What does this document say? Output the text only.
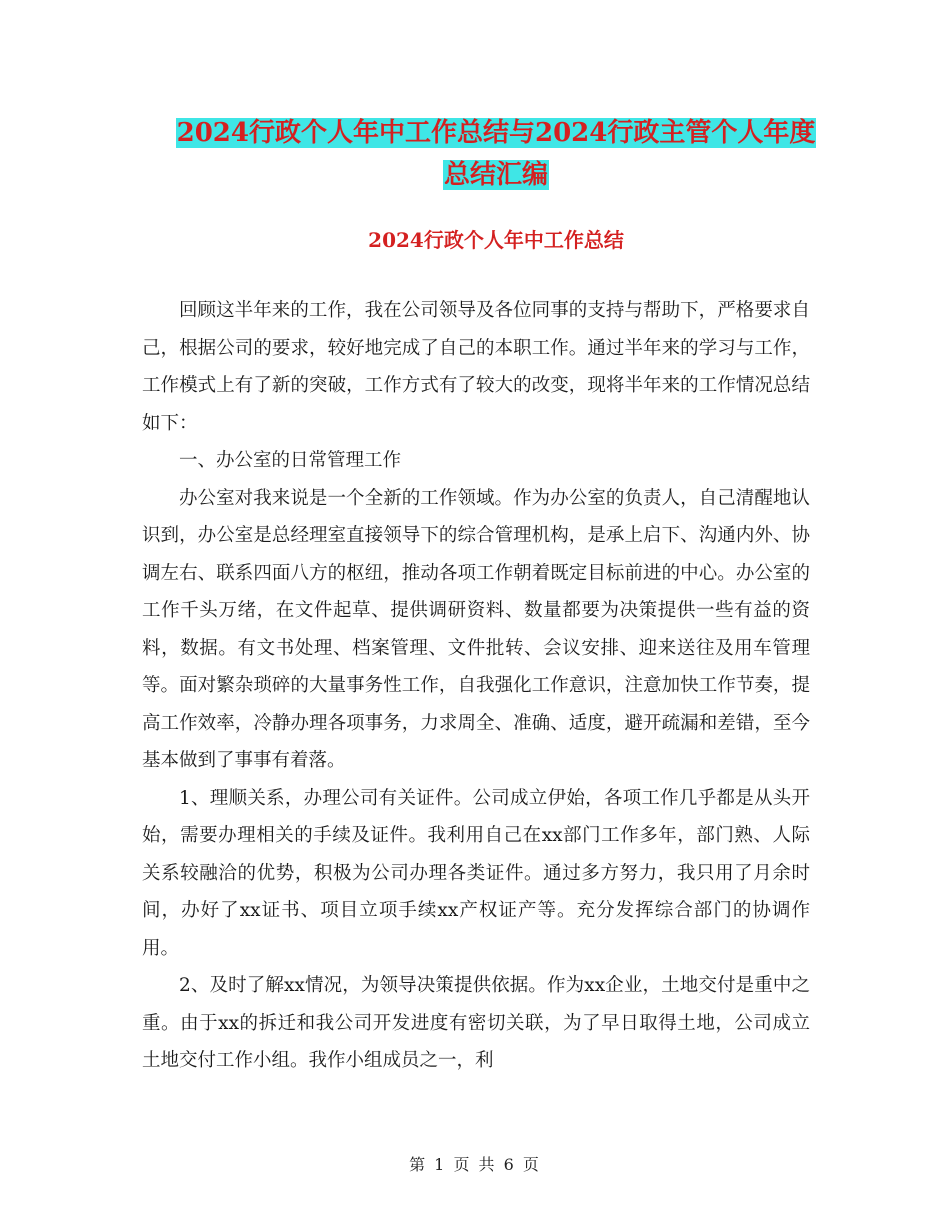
2024行政个人年中工作总结与2024行政主管个人年度
总结汇编
2024行政个人年中工作总结

回顾这半年来的工作，我在公司领导及各位同事的支持与帮助下，严格要求自己，根据公司的要求，较好地完成了自己的本职工作。通过半年来的学习与工作，工作模式上有了新的突破，工作方式有了较大的改变，现将半年来的工作情况总结如下：

一、办公室的日常管理工作

办公室对我来说是一个全新的工作领域。作为办公室的负责人，自己清醒地认识到，办公室是总经理室直接领导下的综合管理机构，是承上启下、沟通内外、协调左右、联系四面八方的枢纽，推动各项工作朝着既定目标前进的中心。办公室的工作千头万绪，在文件起草、提供调研资料、数量都要为决策提供一些有益的资料，数据。有文书处理、档案管理、文件批转、会议安排、迎来送往及用车管理等。面对繁杂琐碎的大量事务性工作，自我强化工作意识，注意加快工作节奏，提高工作效率，冷静办理各项事务，力求周全、准确、适度，避开疏漏和差错，至今基本做到了事事有着落。

1、理顺关系，办理公司有关证件。公司成立伊始，各项工作几乎都是从头开始，需要办理相关的手续及证件。我利用自己在xx部门工作多年，部门熟、人际关系较融洽的优势，积极为公司办理各类证件。通过多方努力，我只用了月余时间，办好了xx证书、项目立项手续xx产权证产等。充分发挥综合部门的协调作用。

2、及时了解xx情况，为领导决策提供依据。作为xx企业，土地交付是重中之重。由于xx的拆迁和我公司开发进度有密切关联，为了早日取得土地，公司成立土地交付工作小组。我作小组成员之一，利

第 1 页 共 6 页
